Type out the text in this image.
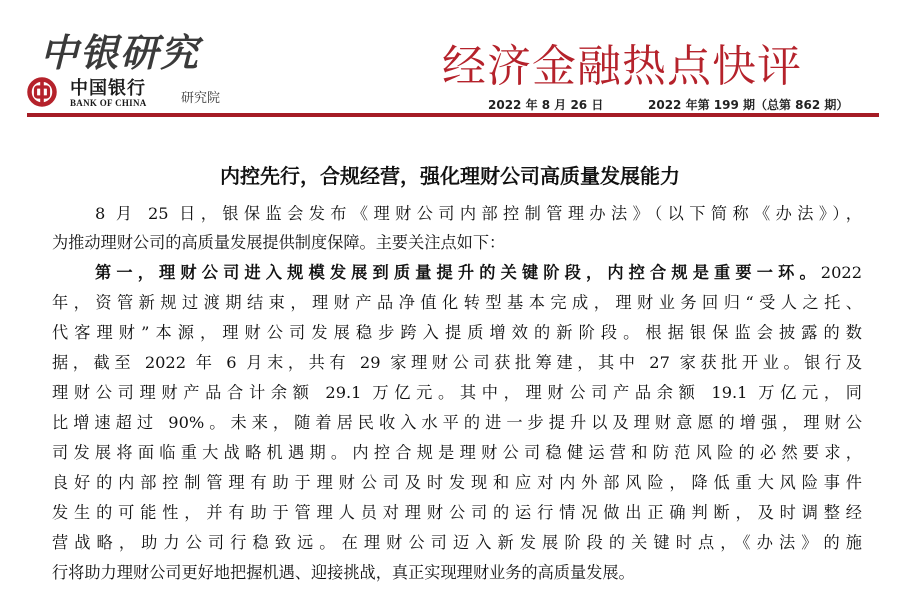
中银研究
中国银行
BANK OF CHINA	研究院
经济金融热点快评
2022 年 8 月 26 日	2022 年第 199 期（总第 862 期）
内控先行，合规经营，强化理财公司高质量发展能力
8 月 25 日，银保监会发布《理财公司内部控制管理办法》（以下简称《办法》），
为推动理财公司的高质量发展提供制度保障。主要关注点如下：
第一，理财公司进入规模发展到质量提升的关键阶段，内控合规是重要一环。2022
年，资管新规过渡期结束，理财产品净值化转型基本完成，理财业务回归“受人之托、
代客理财”本源，理财公司发展稳步跨入提质增效的新阶段。根据银保监会披露的数
据，截至 2022 年 6 月末，共有 29 家理财公司获批筹建，其中 27 家获批开业。银行及
理财公司理财产品合计余额 29.1 万亿元。其中，理财公司产品余额 19.1 万亿元，同
比增速超过 90%。未来，随着居民收入水平的进一步提升以及理财意愿的增强，理财公
司发展将面临重大战略机遇期。内控合规是理财公司稳健运营和防范风险的必然要求，
良好的内部控制管理有助于理财公司及时发现和应对内外部风险，降低重大风险事件
发生的可能性，并有助于管理人员对理财公司的运行情况做出正确判断，及时调整经
营战略，助力公司行稳致远。在理财公司迈入新发展阶段的关键时点，《办法》的施
行将助力理财公司更好地把握机遇、迎接挑战，真正实现理财业务的高质量发展。
